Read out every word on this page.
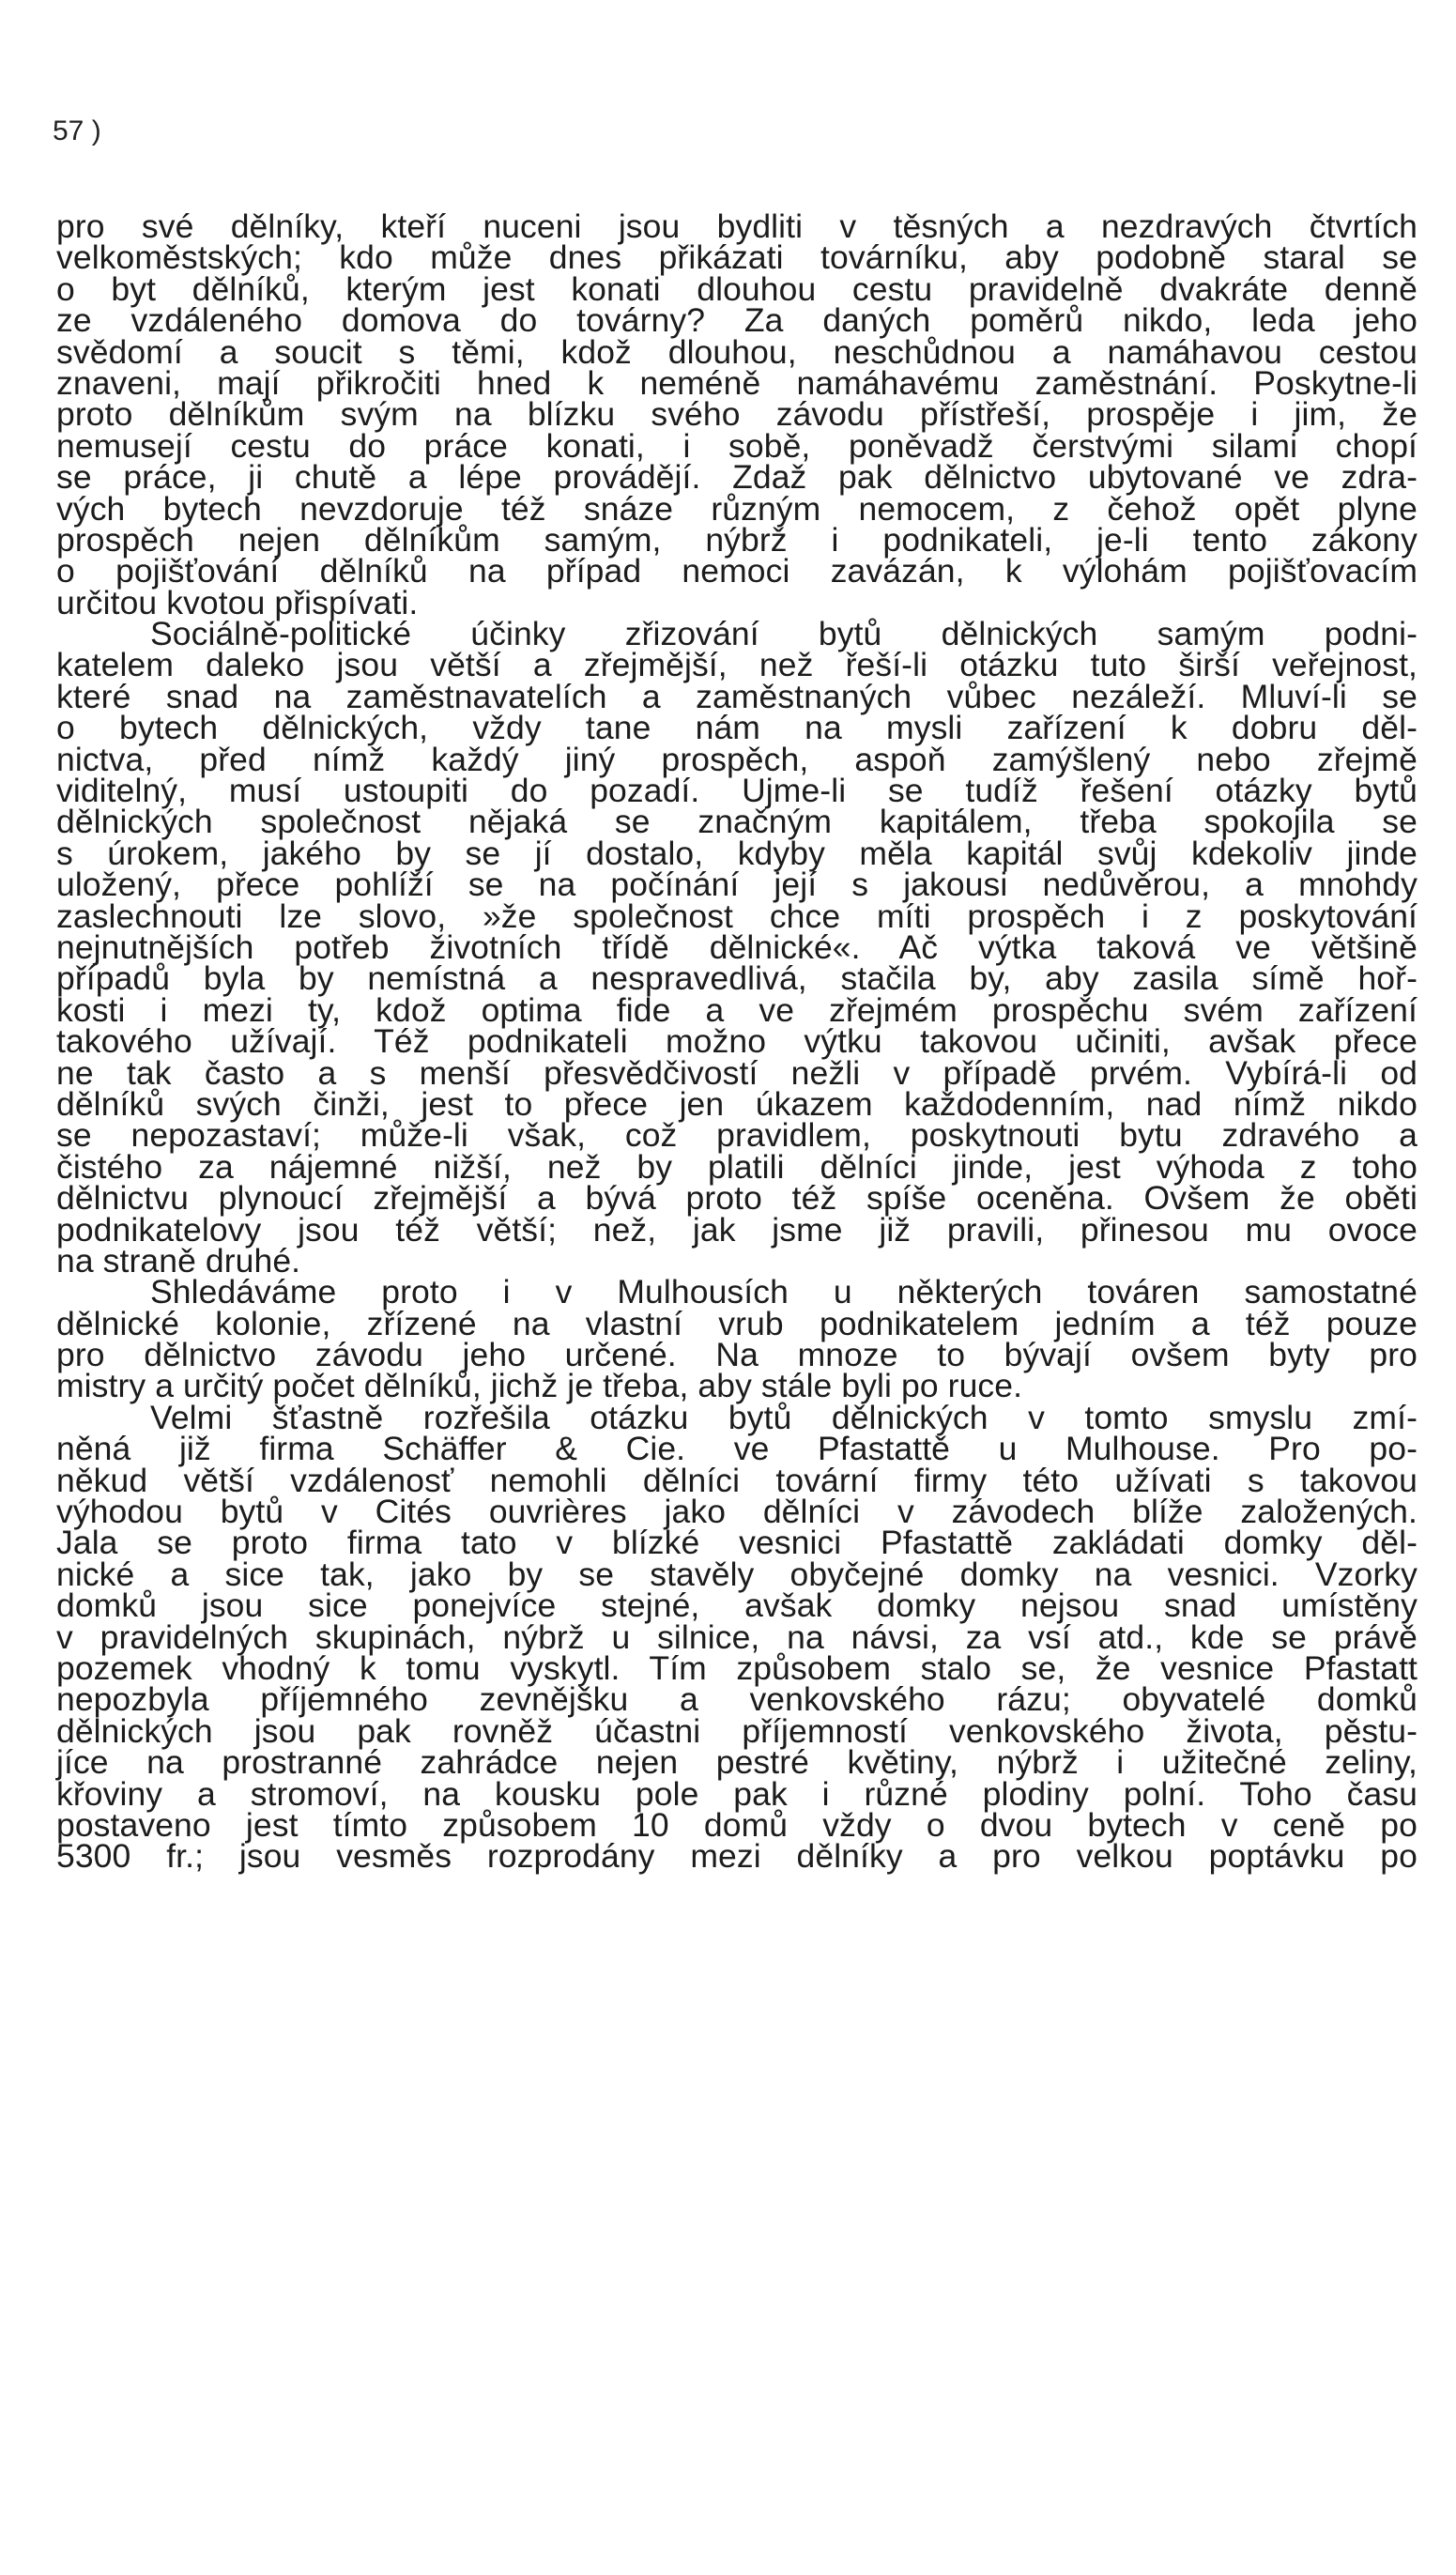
57 )
pro své dělníky, kteří nuceni jsou bydliti v těsných a nezdravých čtvrtích
velkoměstských; kdo může dnes přikázati továrníku, aby podobně staral se
o byt dělníků, kterým jest konati dlouhou cestu pravidelně dvakráte denně
ze vzdáleného domova do továrny? Za daných poměrů nikdo, leda jeho
svědomí a soucit s těmi, kdož dlouhou, neschůdnou a namáhavou cestou
znaveni, mají přikročiti hned k neméně namáhavému zaměstnání. Poskytne-li
proto dělníkům svým na blízku svého závodu přístřeší, prospěje i jim, že
nemusejí cestu do práce konati, i sobě, poněvadž čerstvými silami chopí
se práce, ji chutě a lépe provádějí. Zdaž pak dělnictvo ubytované ve zdra-
vých bytech nevzdoruje též snáze různým nemocem, z čehož opět plyne
prospěch nejen dělníkům samým, nýbrž i podnikateli, je-li tento zákony
o pojišťování dělníků na případ nemoci zavázán, k výlohám pojišťovacím
určitou kvotou přispívati.
Sociálně-politické účinky zřizování bytů dělnických samým podni-
katelem daleko jsou větší a zřejmější, než řeší-li otázku tuto širší veřejnost,
které snad na zaměstnavatelích a zaměstnaných vůbec nezáleží. Mluví-li se
o bytech dělnických, vždy tane nám na mysli zařízení k dobru děl-
nictva, před nímž každý jiný prospěch, aspoň zamýšlený nebo zřejmě
viditelný, musí ustoupiti do pozadí. Ujme-li se tudíž řešení otázky bytů
dělnických společnost nějaká se značným kapitálem, třeba spokojila se
s úrokem, jakého by se jí dostalo, kdyby měla kapitál svůj kdekoliv jinde
uložený, přece pohlíží se na počínání její s jakousi nedůvěrou, a mnohdy
zaslechnouti lze slovo, »že společnost chce míti prospěch i z poskytování
nejnutnějších potřeb životních třídě dělnické«. Ač výtka taková ve většině
případů byla by nemístná a nespravedlivá, stačila by, aby zasila símě hoř-
kosti i mezi ty, kdož optima fide a ve zřejmém prospěchu svém zařízení
takového užívají. Též podnikateli možno výtku takovou učiniti, avšak přece
ne tak často a s menší přesvědčivostí nežli v případě prvém. Vybírá-li od
dělníků svých činži, jest to přece jen úkazem každodenním, nad nímž nikdo
se nepozastaví; může-li však, což pravidlem, poskytnouti bytu zdravého a
čistého za nájemné nižší, než by platili dělníci jinde, jest výhoda z toho
dělnictvu plynoucí zřejmější a bývá proto též spíše oceněna. Ovšem že oběti
podnikatelovy jsou též větší; než, jak jsme již pravili, přinesou mu ovoce
na straně druhé.
Shledáváme proto i v Mulhousích u některých továren samostatné
dělnické kolonie, zřízené na vlastní vrub podnikatelem jedním a též pouze
pro dělnictvo závodu jeho určené. Na mnoze to bývají ovšem byty pro
mistry a určitý počet dělníků, jichž je třeba, aby stále byli po ruce.
Velmi šťastně rozřešila otázku bytů dělnických v tomto smyslu zmí-
něná již firma Schäffer & Cie. ve Pfastattě u Mulhouse. Pro po-
někud větší vzdálenosť nemohli dělníci tovární firmy této užívati s takovou
výhodou bytů v Cités ouvrières jako dělníci v závodech blíže založených.
Jala se proto firma tato v blízké vesnici Pfastattě zakládati domky děl-
nické a sice tak, jako by se stavěly obyčejné domky na vesnici. Vzorky
domků jsou sice ponejvíce stejné, avšak domky nejsou snad umístěny
v pravidelných skupinách, nýbrž u silnice, na návsi, za vsí atd., kde se právě
pozemek vhodný k tomu vyskytl. Tím způsobem stalo se, že vesnice Pfastatt
nepozbyla příjemného zevnějšku a venkovského rázu; obyvatelé domků
dělnických jsou pak rovněž účastni příjemností venkovského života, pěstu-
jíce na prostranné zahrádce nejen pestré květiny, nýbrž i užitečné zeliny,
křoviny a stromoví, na kousku pole pak i různé plodiny polní. Toho času
postaveno jest tímto způsobem 10 domů vždy o dvou bytech v ceně po
5300 fr.; jsou vesměs rozprodány mezi dělníky a pro velkou poptávku po
